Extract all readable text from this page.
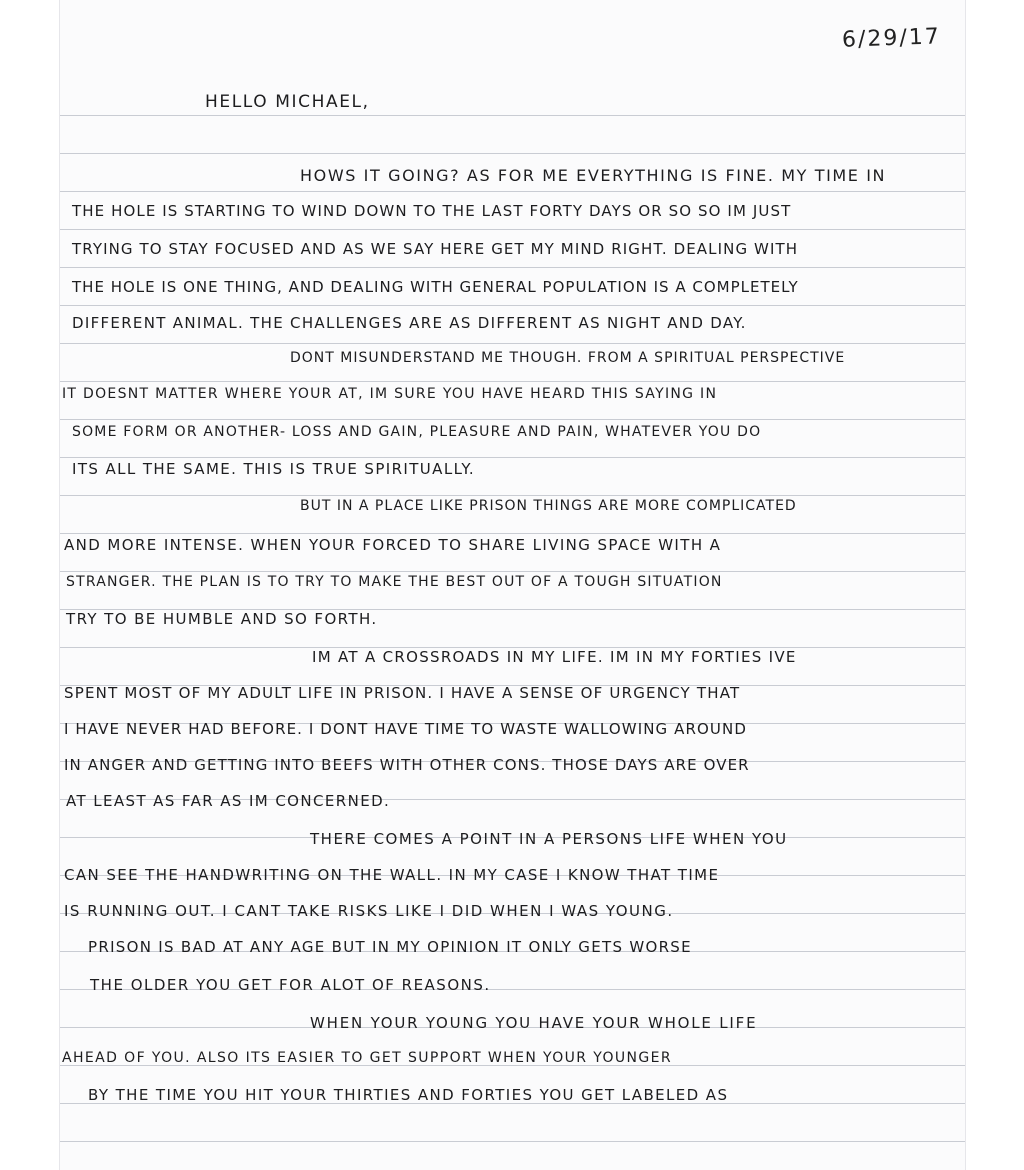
6/29/17
HELLO MICHAEL,
HOWS IT GOING? AS FOR ME EVERYTHING IS FINE. MY TIME IN
THE HOLE IS STARTING TO WIND DOWN TO THE LAST FORTY DAYS OR SO SO IM JUST
TRYING TO STAY FOCUSED AND AS WE SAY HERE GET MY MIND RIGHT. DEALING WITH
THE HOLE IS ONE THING, AND DEALING WITH GENERAL POPULATION IS A COMPLETELY
DIFFERENT ANIMAL. THE CHALLENGES ARE AS DIFFERENT AS NIGHT AND DAY.
DONT MISUNDERSTAND ME THOUGH. FROM A SPIRITUAL PERSPECTIVE
IT DOESNT MATTER WHERE YOUR AT, IM SURE YOU HAVE HEARD THIS SAYING IN
SOME FORM OR ANOTHER- LOSS AND GAIN, PLEASURE AND PAIN, WHATEVER YOU DO
ITS ALL THE SAME. THIS IS TRUE SPIRITUALLY.
BUT IN A PLACE LIKE PRISON THINGS ARE MORE COMPLICATED
AND MORE INTENSE. WHEN YOUR FORCED TO SHARE LIVING SPACE WITH A
STRANGER. THE PLAN IS TO TRY TO MAKE THE BEST OUT OF A TOUGH SITUATION
TRY TO BE HUMBLE AND SO FORTH.
IM AT A CROSSROADS IN MY LIFE. IM IN MY FORTIES IVE
SPENT MOST OF MY ADULT LIFE IN PRISON. I HAVE A SENSE OF URGENCY THAT
I HAVE NEVER HAD BEFORE. I DONT HAVE TIME TO WASTE WALLOWING AROUND
IN ANGER AND GETTING INTO BEEFS WITH OTHER CONS. THOSE DAYS ARE OVER
AT LEAST AS FAR AS IM CONCERNED.
THERE COMES A POINT IN A PERSONS LIFE WHEN YOU
CAN SEE THE HANDWRITING ON THE WALL. IN MY CASE I KNOW THAT TIME
IS RUNNING OUT. I CANT TAKE RISKS LIKE I DID WHEN I WAS YOUNG.
PRISON IS BAD AT ANY AGE BUT IN MY OPINION IT ONLY GETS WORSE
THE OLDER YOU GET FOR ALOT OF REASONS.
WHEN YOUR YOUNG YOU HAVE YOUR WHOLE LIFE
AHEAD OF YOU. ALSO ITS EASIER TO GET SUPPORT WHEN YOUR YOUNGER
BY THE TIME YOU HIT YOUR THIRTIES AND FORTIES YOU GET LABELED AS
